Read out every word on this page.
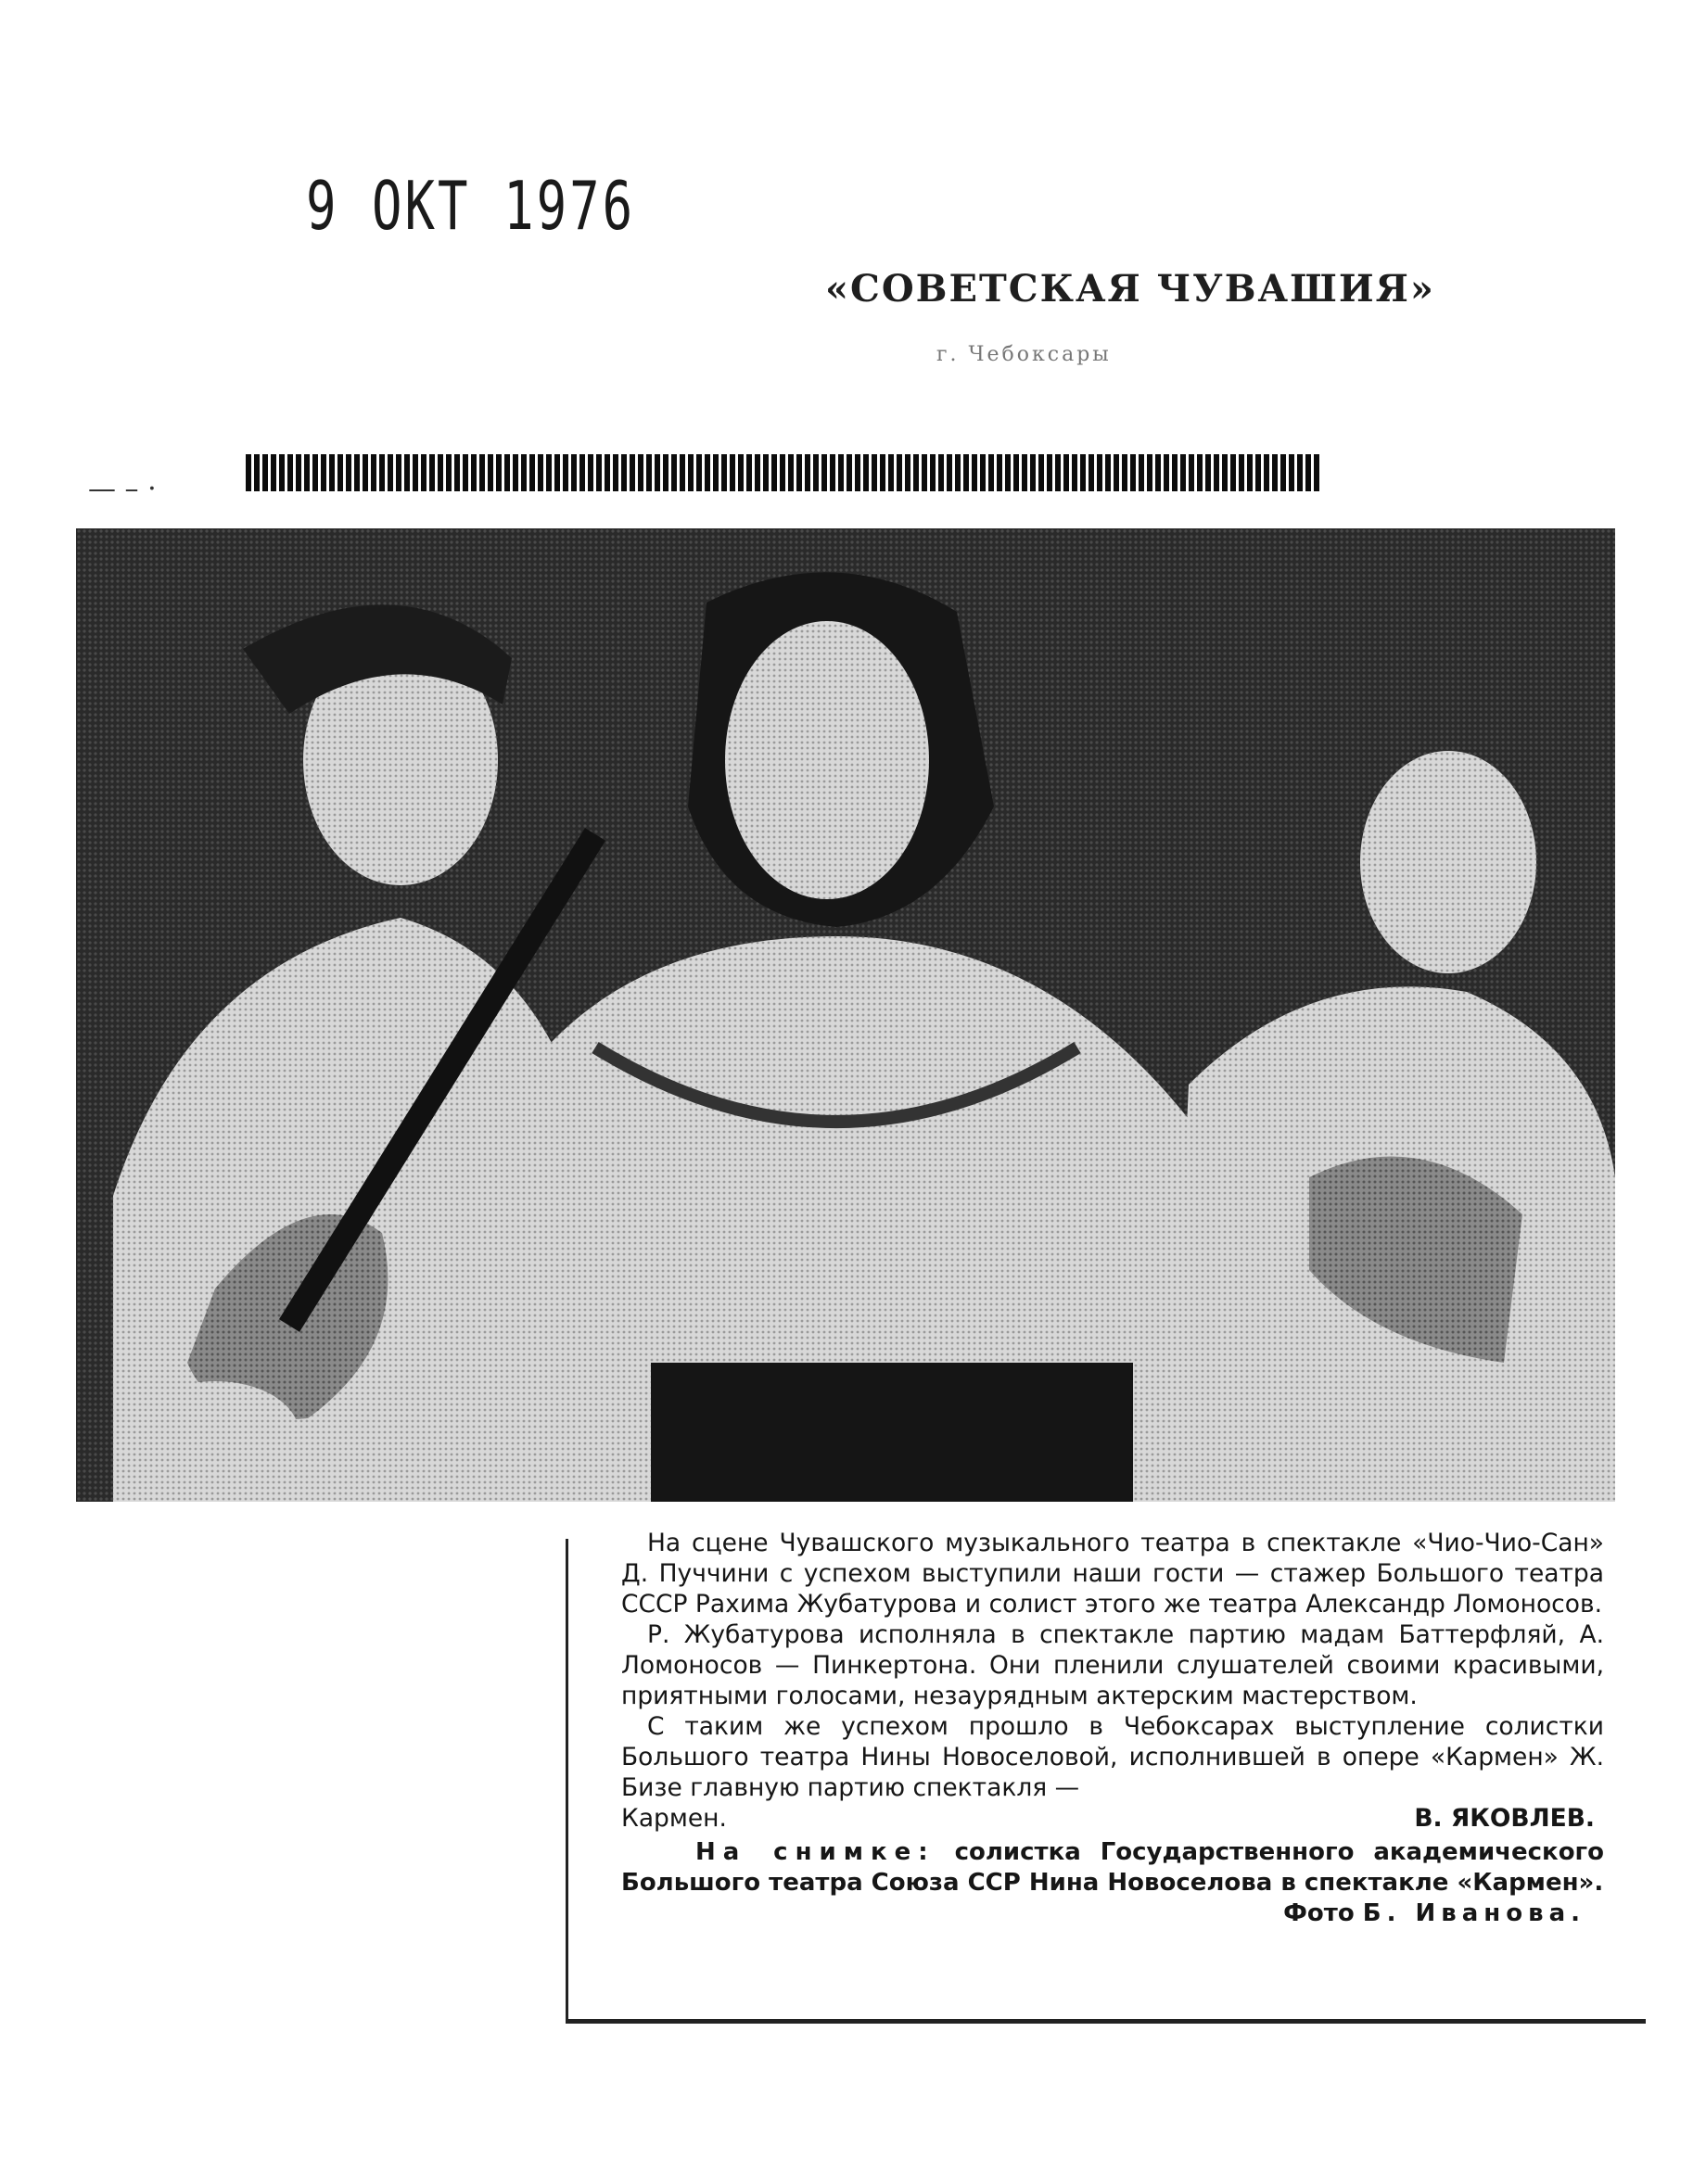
9 ОКТ 1976
«СОВЕТСКАЯ ЧУВАШИЯ»
г. Чебоксары
— – ·

На сцене Чувашского музыкального театра в спектакле «Чио-Чио-Сан» Д. Пуччини с успехом выступили наши гости — стажер Большого театра СССР Рахима Жубатурова и солист этого же театра Александр Ломоносов.

Р. Жубатурова исполняла в спектакле партию мадам Баттерфляй, А. Ломоносов — Пинкертона. Они пленили слушателей своими красивыми, приятными голосами, незаурядным актерским мастерством.

С таким же успехом прошло в Чебоксарах выступление солистки Большого театра Нины Новоселовой, исполнившей в опере «Кармен» Ж. Бизе главную партию спектакля —

Кармен.	В. ЯКОВЛЕВ.
На снимке: солистка Государственного академического Большого театра Союза ССР Нина Новоселова в спектакле «Кармен».
Фото Б. Иванова.
